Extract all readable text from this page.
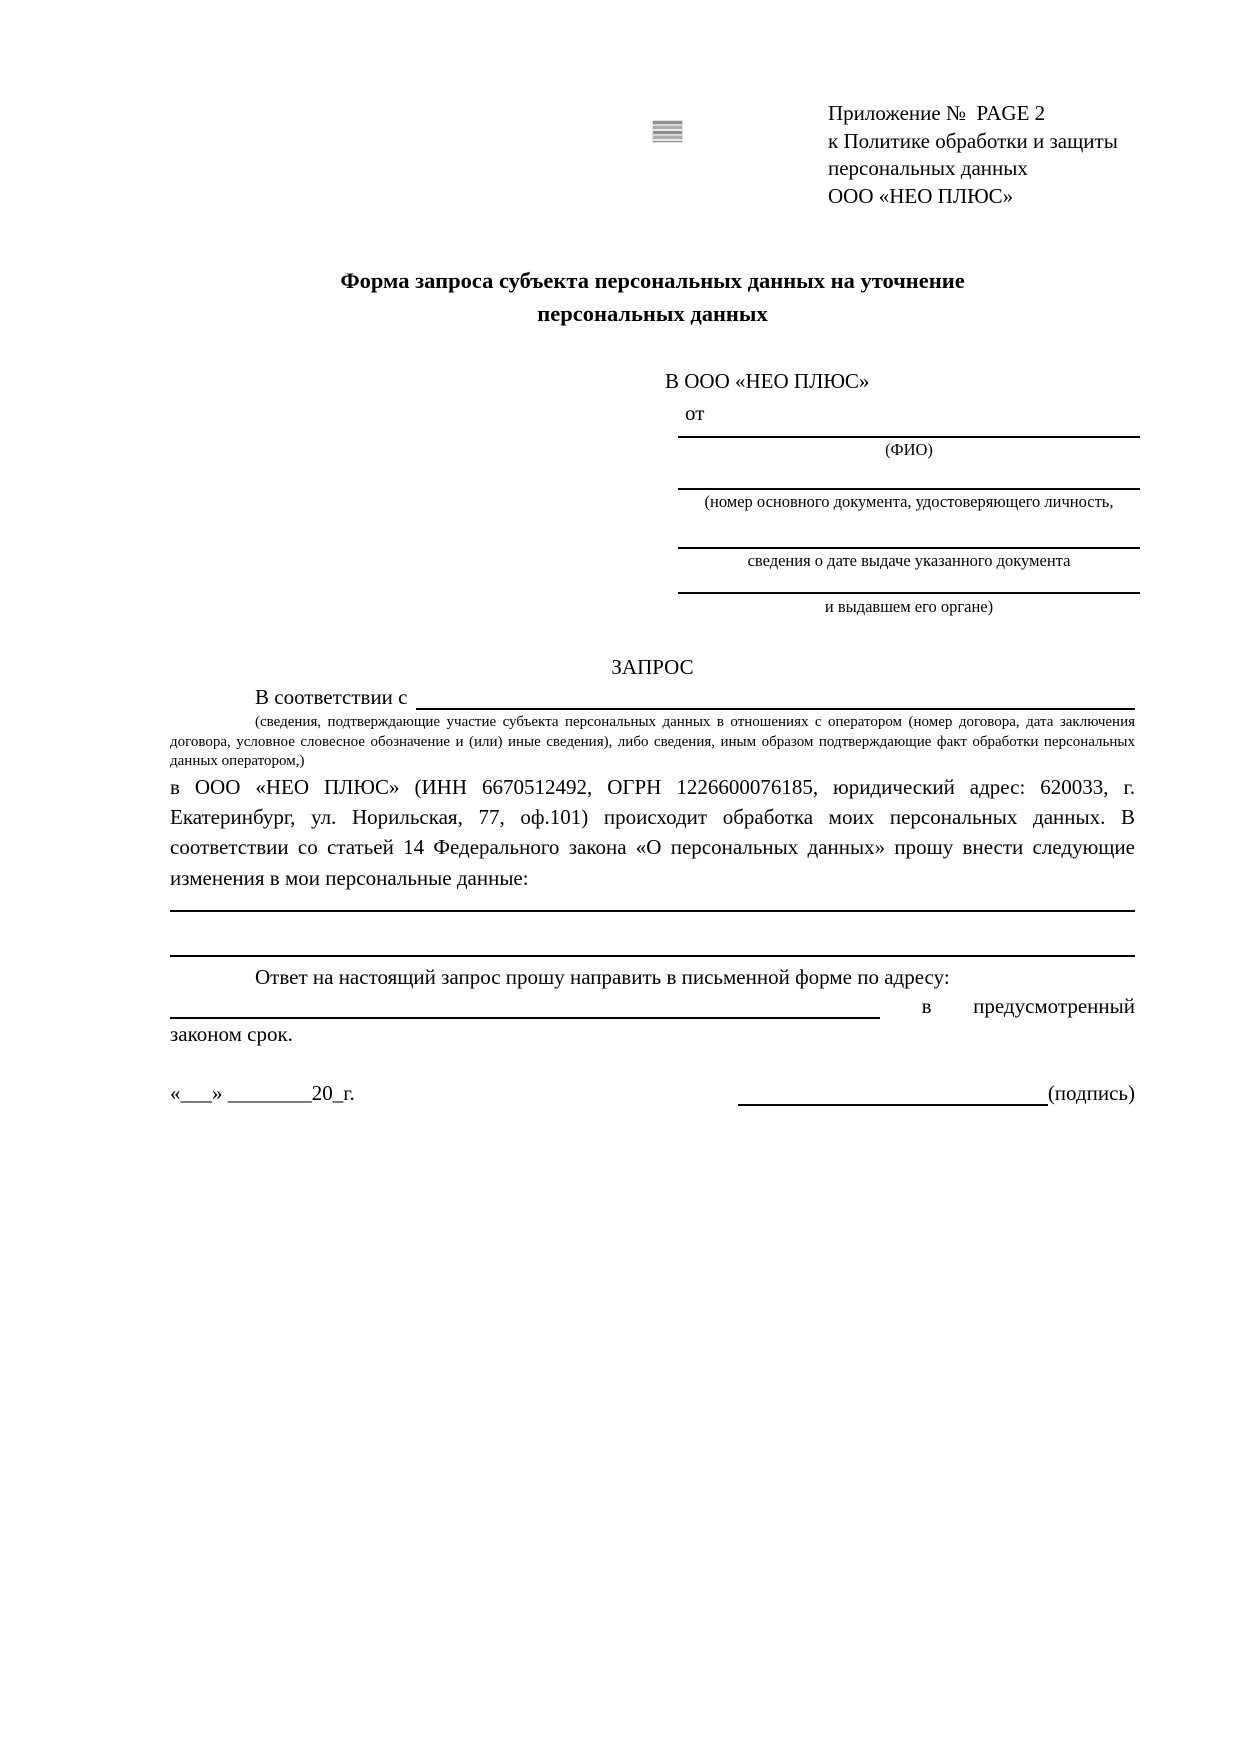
Приложение №  PAGE 2
к Политике обработки и защиты
персональных данных
ООО «НЕО ПЛЮС»
Форма запроса субъекта персональных данных на уточнение
персональных данных
В ООО «НЕО ПЛЮС»
от
(ФИО)
(номер основного документа, удостоверяющего личность,
сведения о дате выдаче указанного документа
и выдавшем его органе)
ЗАПРОС
В соответствии с
(сведения, подтверждающие участие субъекта персональных данных в отношениях с оператором (номер договора, дата заключения договора, условное словесное обозначение и (или) иные сведения), либо сведения, иным образом подтверждающие факт обработки персональных данных оператором,)
в ООО «НЕО ПЛЮС» (ИНН 6670512492, ОГРН 1226600076185, юридический адрес: 620033, г. Екатеринбург, ул. Норильская, 77, оф.101) происходит обработка моих персональных данных. В соответствии со статьей 14 Федерального закона «О персональных данных» прошу внести следующие изменения в мои персональные данные:
Ответ на настоящий запрос прошу направить в письменной форме по адресу:
в предусмотренный
законом срок.
«___» ________20_г.	(подпись)
